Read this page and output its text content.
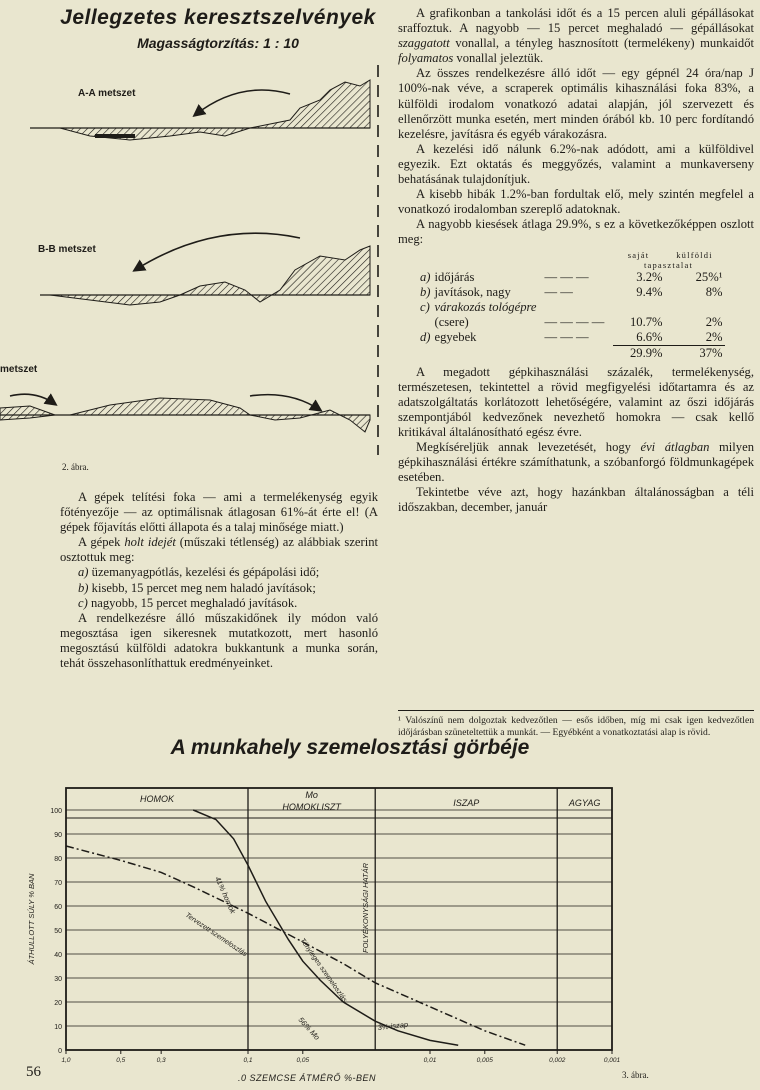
Jellegzetes keresztszelvények
Magasságtorzítás: 1 : 10
A-A metszet
B-B metszet
metszet
2. ábra.

A grafikonban a tankolási időt és a 15 percen aluli gépállásokat sraffoztuk. A nagyobb — 15 percet meghaladó — gépállásokat szaggatott vonallal, a tényleg hasznosított (termelékeny) munkaidőt folyamatos vonallal jeleztük.

Az összes rendelkezésre álló időt — egy gépnél 24 óra/nap J 100%-nak véve, a scraperek optimális kihasználási foka 83%, a külföldi irodalom vonatkozó adatai alapján, jól szervezett és ellenőrzött munka esetén, mert minden órából kb. 10 perc fordítandó kezelésre, javításra és egyéb várakozásra.

A kezelési idő nálunk 6.2%-nak adódott, ami a külföldivel egyezik. Ezt oktatás és meggyőzés, valamint a munkaverseny behatásának tulajdonítjuk.

A kisebb hibák 1.2%-ban fordultak elő, mely szintén megfelel a vonatkozó irodalomban szereplő adatoknak.

A nagyobb kiesések átlaga 29.9%, s ez a következőképpen oszlott meg:

			saját	külföldi
			tapasztalat	
a)	időjárás	— — —	3.2%	25%¹
b)	javítások, nagy	— —	9.4%	8%
c)	várakozás tológépre			
	(csere)	— — — —	10.7%	2%
d)	egyebek	— — —	6.6%	2%
			29.9%	37%

A megadott gépkihasználási százalék, termelékenység, természetesen, tekintettel a rövid megfigyelési időtartamra és az adatszolgáltatás korlátozott lehetőségére, valamint az őszi időjárás szempontjából kedvezőnek nevezhető homokra — csak kellő kritikával általánosítható egész évre.

Megkíséreljük annak levezetését, hogy évi átlagban milyen gépkihasználási értékre számíthatunk, a szóbanforgó földmunkagépek esetében.

Tekintetbe véve azt, hogy hazánkban általánosságban a téli időszakban, december, január

¹ Valószínű nem dolgoztak kedvezőtlen — esős időben, míg mi csak igen kedvezőtlen időjárásban szüneteltettük a munkát. — Egyébként a vonatkoztatási alap is rövid.

A gépek telítési foka — ami a termelékenység egyik főtényezője — az optimálisnak átlagosan 61%-át érte el! (A gépek főjavítás előtti állapota és a talaj minősége miatt.)

A gépek holt idejét (műszaki tétlenség) az alábbiak szerint osztottuk meg:

a) üzemanyagpótlás, kezelési és gépápolási idő;

b) kisebb, 15 percet meg nem haladó javítások;

c) nagyobb, 15 percet meghaladó javítások.

A rendelkezésre álló műszakidőnek ily módon való megosztása igen sikeresnek mutatkozott, mert hasonló megosztású külföldi adatokra bukkantunk a munka során, tehát összehasonlíthattuk eredményeinket.

A munkahely szemelosztási görbéje
100
90
80
70
60
50
40
30
20
10
0
HOMOK	Mo
HOMOKLISZT	ISZAP	AGYAG
1,0	0,5	0,3	0,1	0,05	0,01	0,005	0,002	0,001
ÁTHULLOTT SÚLY % BAN	41% homok
56% Mo	3% iszap
FOLYÉKONYSÁGI HATÁR
Tényleges szemeloszlás
Tervezett szemeloszlás
56	.0 SZEMCSE ÁTMÉRŐ %-BEN	3. ábra.
